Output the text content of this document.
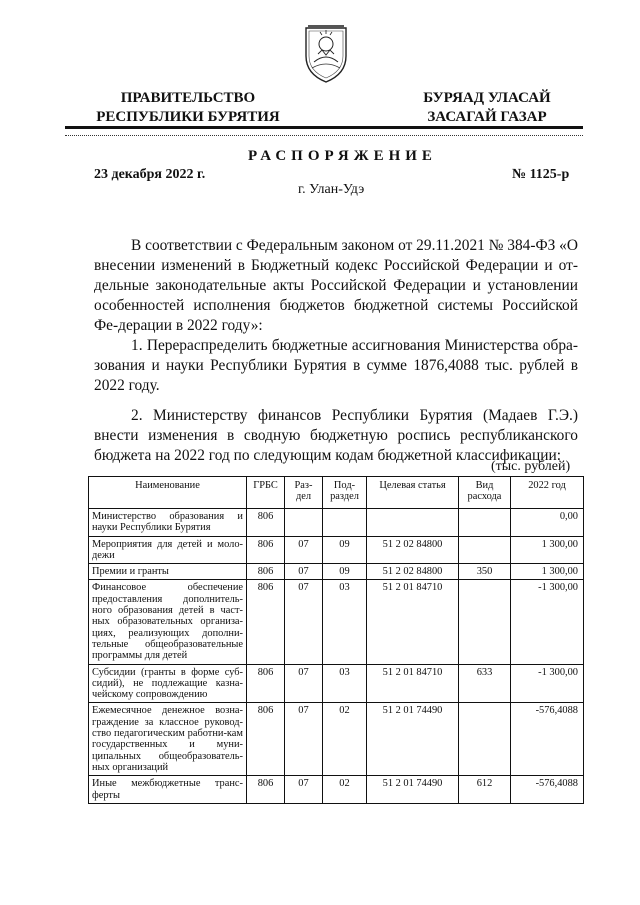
ПРАВИТЕЛЬСТВО
РЕСПУБЛИКИ БУРЯТИЯ
БУРЯАД УЛАСАЙ
ЗАСАГАЙ ГАЗАР
РАСПОРЯЖЕНИЕ
23 декабря 2022 г.	№ 1125-р
г. Улан-Удэ
В соответствии с Федеральным законом от 29.11.2021 № 384-ФЗ «О внесении изменений в Бюджетный кодекс Российской Федерации и от-дельные законодательные акты Российской Федерации и установлении особенностей исполнения бюджетов бюджетной системы Российской Фе-дерации в 2022 году»:
1. Перераспределить бюджетные ассигнования Министерства обра-зования и науки Республики Бурятия в сумме 1876,4088 тыс. рублей в 2022 году.
2. Министерству финансов Республики Бурятия (Мадаев Г.Э.) внести изменения в сводную бюджетную роспись республиканского бюджета на 2022 год по следующим кодам бюджетной классификации:
(тыс. рублей)
Наименование	ГРБС	Раз-дел	Под-раздел	Целевая статья	Вид расхода	2022 год
Министерство образования и науки Республики Бурятия	806					0,00
Мероприятия для детей и моло-дежи	806	07	09	51 2 02 84800		1 300,00
Премии и гранты	806	07	09	51 2 02 84800	350	1 300,00
Финансовое обеспечение предоставления дополнитель-ного образования детей в част-ных образовательных организа-циях, реализующих дополни-тельные общеобразовательные программы для детей	806	07	03	51 2 01 84710		-1 300,00
Субсидии (гранты в форме суб-сидий), не подлежащие казна-чейскому сопровождению	806	07	03	51 2 01 84710	633	-1 300,00
Ежемесячное денежное возна-граждение за классное руковод-ство педагогическим работни-кам государственных и муни-ципальных общеобразователь-ных организаций	806	07	02	51 2 01 74490		-576,4088
Иные межбюджетные транс-ферты	806	07	02	51 2 01 74490	612	-576,4088
